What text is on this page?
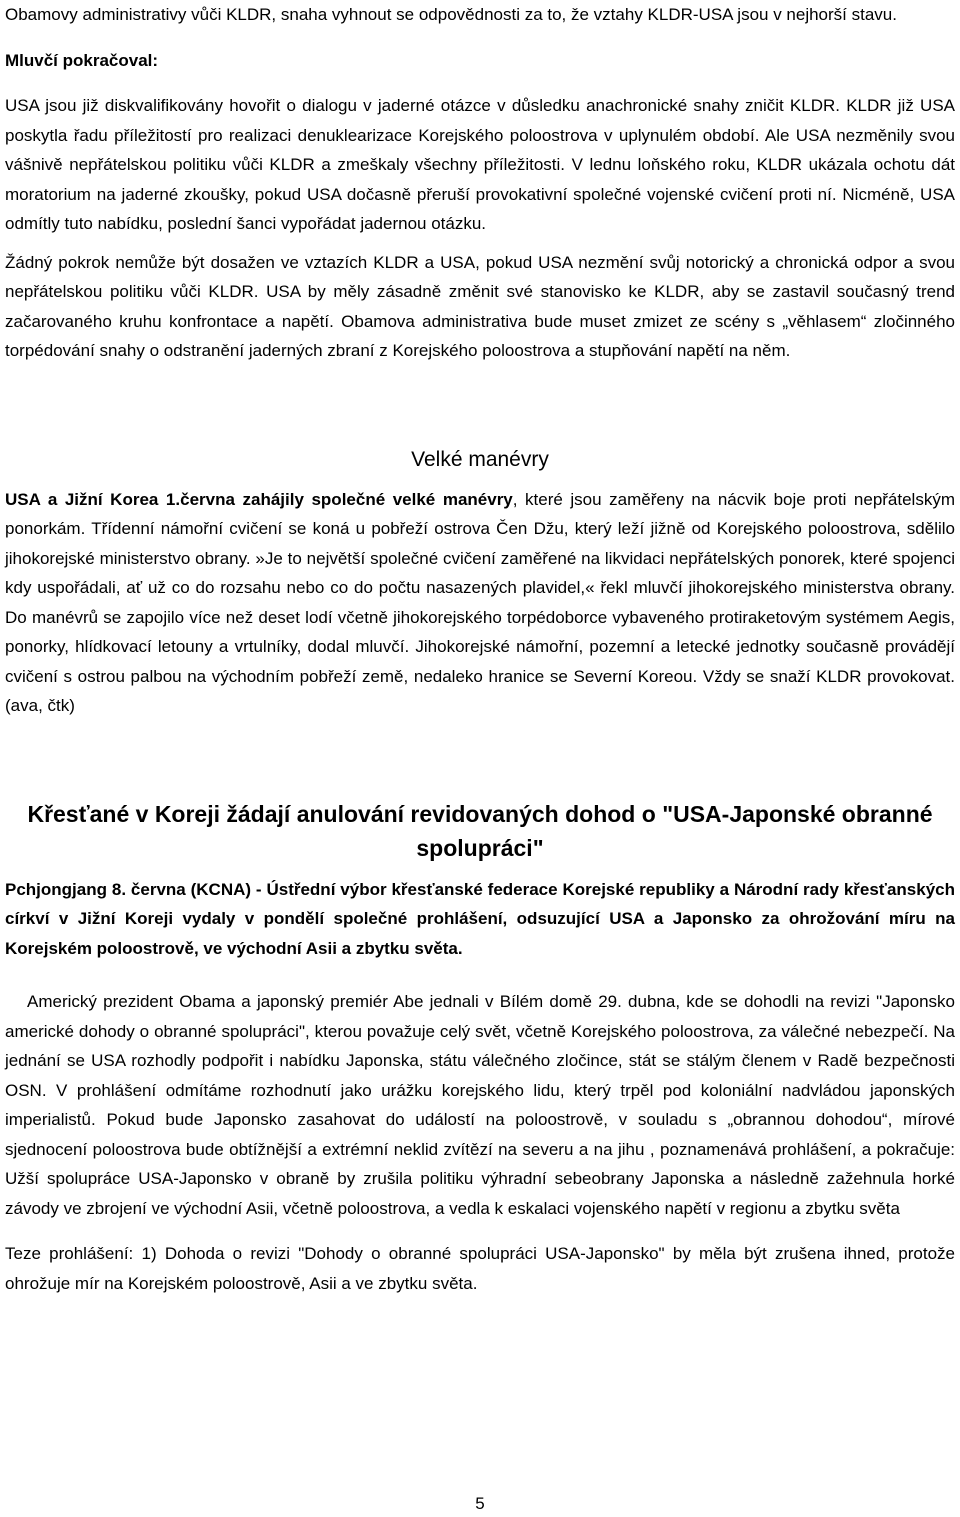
Obamovy administrativy vůči KLDR, snaha vyhnout se odpovědnosti za to, že vztahy KLDR-USA jsou v nejhorší stavu.

Mluvčí pokračoval:

USA jsou již diskvalifikovány hovořit o dialogu v jaderné otázce v důsledku anachronické snahy zničit KLDR. KLDR již USA poskytla řadu příležitostí pro realizaci denuklearizace Korejského poloostrova v uplynulém období. Ale USA nezměnily svou vášnivě nepřátelskou politiku vůči KLDR a zmeškaly všechny příležitosti. V lednu loňského roku, KLDR ukázala ochotu dát moratorium na jaderné zkoušky, pokud USA dočasně přeruší provokativní společné vojenské cvičení proti ní. Nicméně, USA odmítly tuto nabídku, poslední šanci vypořádat jadernou otázku.

Žádný pokrok nemůže být dosažen ve vztazích KLDR a USA, pokud USA nezmění svůj notorický a chronická odpor a svou nepřátelskou politiku vůči KLDR. USA by měly zásadně změnit své stanovisko ke KLDR, aby se zastavil současný trend začarovaného kruhu konfrontace a napětí. Obamova administrativa bude muset zmizet ze scény s „věhlasem“ zločinného torpédování snahy o odstranění jaderných zbraní z Korejského poloostrova a stupňování napětí na něm.

Velké manévry

USA a Jižní Korea 1.června zahájily společné velké manévry, které jsou zaměřeny na nácvik boje proti nepřátelským ponorkám. Třídenní námořní cvičení se koná u pobřeží ostrova Čen Džu, který leží jižně od Korejského poloostrova, sdělilo jihokorejské ministerstvo obrany. »Je to největší společné cvičení zaměřené na likvidaci nepřátelských ponorek, které spojenci kdy uspořádali, ať už co do rozsahu nebo co do počtu nasazených plavidel,« řekl mluvčí jihokorejského ministerstva obrany. Do manévrů se zapojilo více než deset lodí včetně jihokorejského torpédoborce vybaveného protiraketovým systémem Aegis, ponorky, hlídkovací letouny a vrtulníky, dodal mluvčí. Jihokorejské námořní, pozemní a letecké jednotky současně provádějí cvičení s ostrou palbou na východním pobřeží země, nedaleko hranice se Severní Koreou. Vždy se snaží KLDR provokovat. (ava, čtk)

Křesťané v Koreji žádají anulování revidovaných dohod o "USA-Japonské obranné spolupráci"

Pchjongjang 8. června (KCNA) - Ústřední výbor křesťanské federace Korejské republiky a Národní rady křesťanských církví v Jižní Koreji vydaly v pondělí společné prohlášení, odsuzující USA a Japonsko za ohrožování míru na Korejském poloostrově, ve východní Asii a zbytku světa.

Americký prezident Obama a japonský premiér Abe jednali v Bílém domě 29. dubna, kde se dohodli na revizi "Japonsko americké dohody o obranné spolupráci", kterou považuje celý svět, včetně Korejského poloostrova, za válečné nebezpečí. Na jednání se USA rozhodly podpořit i nabídku Japonska, státu válečného zločince, stát se stálým členem v Radě bezpečnosti OSN. V prohlášení odmítáme rozhodnutí jako urážku korejského lidu, který trpěl pod koloniální nadvládou japonských imperialistů. Pokud bude Japonsko zasahovat do událostí na poloostrově, v souladu s „obrannou dohodou“, mírové sjednocení poloostrova bude obtížnější a extrémní neklid zvítězí na severu a na jihu , poznamenává prohlášení, a pokračuje: Užší spolupráce USA-Japonsko v obraně by zrušila politiku výhradní sebeobrany Japonska a následně zažehnula horké závody ve zbrojení ve východní Asii, včetně poloostrova, a vedla k eskalaci vojenského napětí v regionu a zbytku světa

Teze prohlášení: 1) Dohoda o revizi "Dohody o obranné spolupráci USA-Japonsko" by měla být zrušena ihned, protože ohrožuje mír na Korejském poloostrově, Asii a ve zbytku světa.

5
